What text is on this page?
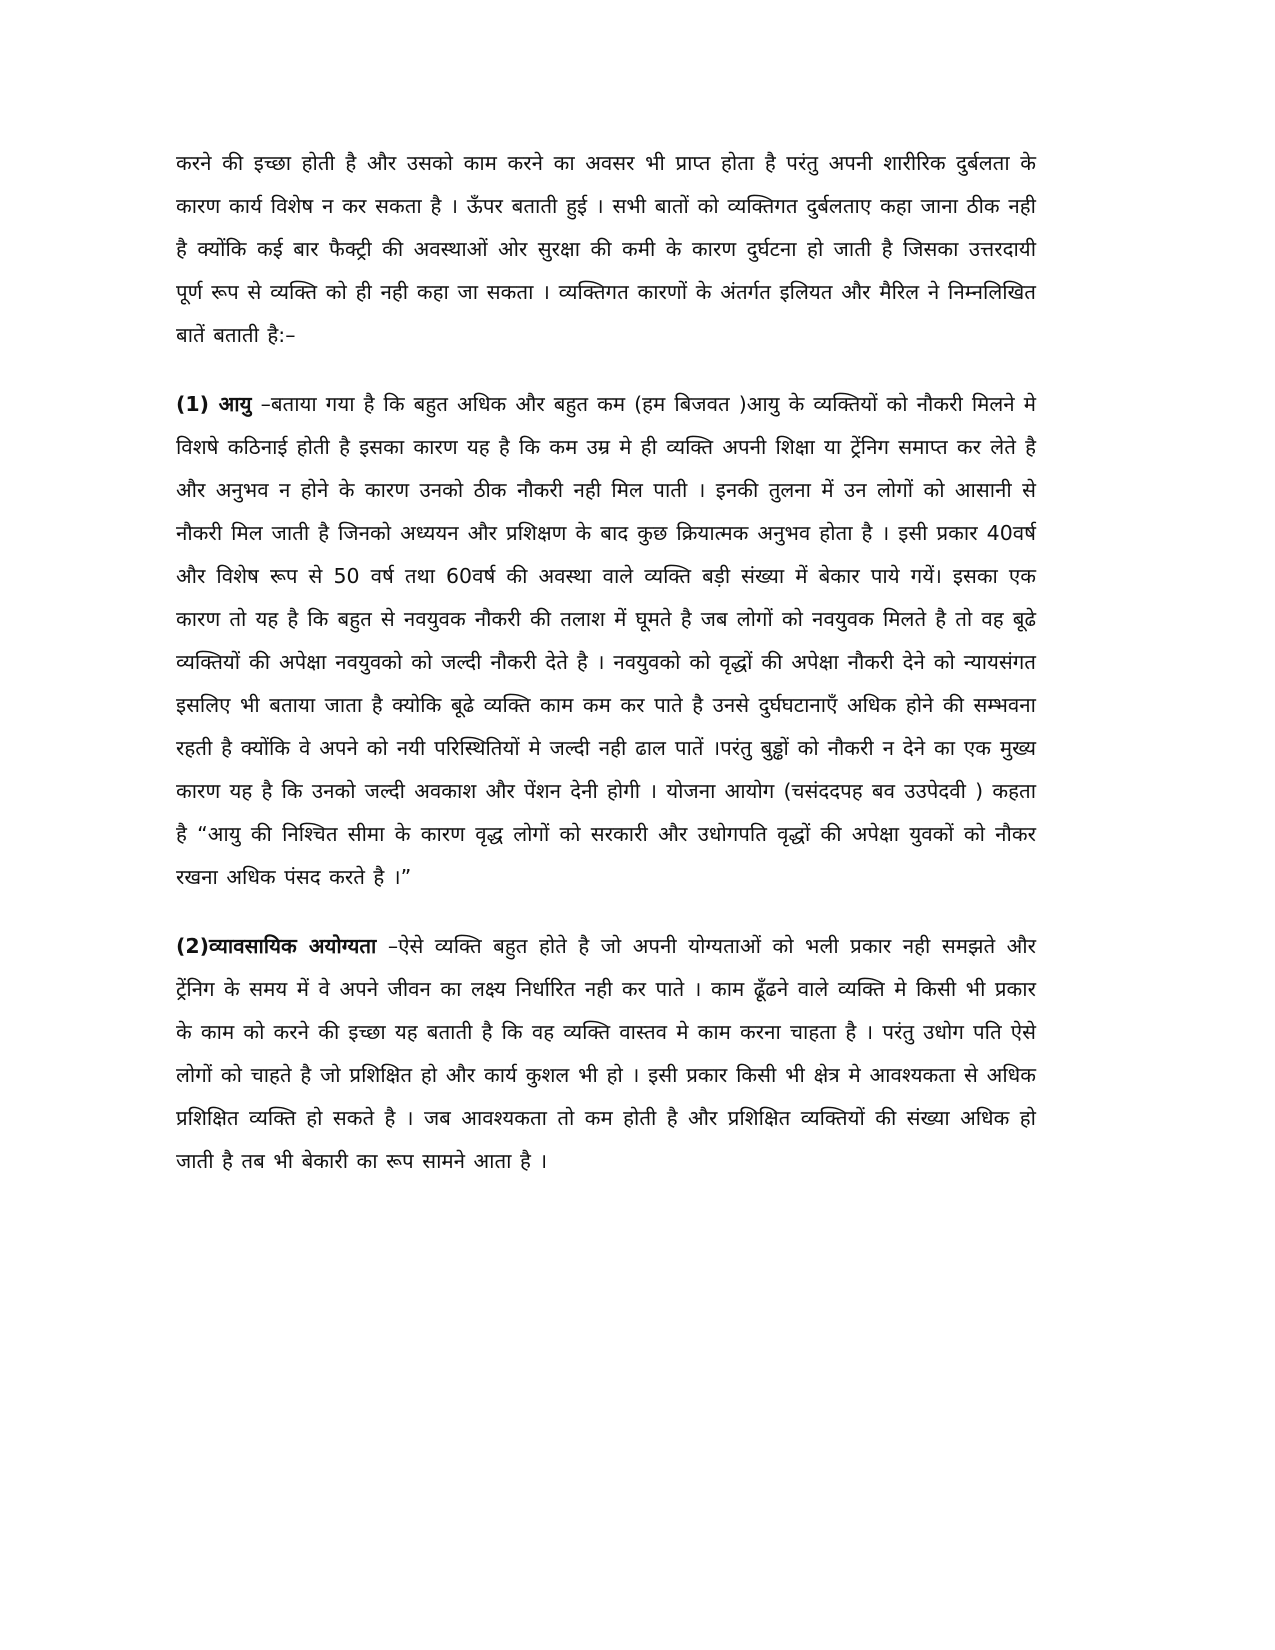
करने की इच्छा होती है और उसको काम करने का अवसर भी प्राप्त होता है परंतु अपनी शारीरिक दुर्बलता के कारण कार्य विशेष न कर सकता है । ऊँपर बताती हुई । सभी बातों को व्यक्तिगत दुर्बलताए कहा जाना ठीक नही है क्योंकि कई बार फैक्ट्री की अवस्थाओं ओर सुरक्षा की कमी के कारण दुर्घटना हो जाती है जिसका उत्तरदायी पूर्ण रूप से व्यक्ति को ही नही कहा जा सकता । व्यक्तिगत कारणों के अंतर्गत इलियत और मैरिल ने निम्नलिखित बातें बताती है:–

(1) आयु –बताया गया है कि बहुत अधिक और बहुत कम (हम बिजवत )आयु के व्यक्तियों को नौकरी मिलने मे विशषे कठिनाई होती है इसका कारण यह है कि कम उम्र मे ही व्यक्ति अपनी शिक्षा या ट्रेंनिग समाप्त कर लेते है और अनुभव न होने के कारण उनको ठीक नौकरी नही मिल पाती । इनकी तुलना में उन लोगों को आसानी से नौकरी मिल जाती है जिनको अध्ययन और प्रशिक्षण के बाद कुछ क्रियात्मक अनुभव होता है । इसी प्रकार 40वर्ष और विशेष रूप से 50 वर्ष तथा 60वर्ष की अवस्था वाले व्यक्ति बड़ी संख्या में बेकार पाये गयें। इसका एक कारण तो यह है कि बहुत से नवयुवक नौकरी की तलाश में घूमते है जब लोगों को नवयुवक मिलते है तो वह बूढे व्यक्तियों की अपेक्षा नवयुवको को जल्दी नौकरी देते है । नवयुवको को वृद्धों की अपेक्षा नौकरी देने को न्यायसंगत इसलिए भी बताया जाता है क्योकि बूढे व्यक्ति काम कम कर पाते है उनसे दुर्घघटानाएँ अधिक होने की सम्भवना रहती है क्योंकि वे अपने को नयी परिस्थितियों मे जल्दी नही ढाल पातें ।परंतु बुड्ढों को नौकरी न देने का एक मुख्य कारण यह है कि उनको जल्दी अवकाश और पेंशन देनी होगी । योजना आयोग (चसंददपह बव उउपेदवी ) कहता है “आयु की निश्चित सीमा के कारण वृद्ध लोगों को सरकारी और उधोगपति वृद्धों की अपेक्षा युवकों को नौकर रखना अधिक पंसद करते है ।”

(2)व्यावसायिक अयोग्यता –ऐसे व्यक्ति बहुत होते है जो अपनी योग्यताओं को भली प्रकार नही समझते और ट्रेंनिग के समय में वे अपने जीवन का लक्ष्य निर्धारित नही कर पाते । काम ढूँढने वाले व्यक्ति मे किसी भी प्रकार के काम को करने की इच्छा यह बताती है कि वह व्यक्ति वास्तव मे काम करना चाहता है । परंतु उधोग पति ऐसे लोगों को चाहते है जो प्रशिक्षित हो और कार्य कुशल भी हो । इसी प्रकार किसी भी क्षेत्र मे आवश्यकता से अधिक प्रशिक्षित व्यक्ति हो सकते है । जब आवश्यकता तो कम होती है और प्रशिक्षित व्यक्तियों की संख्या अधिक हो जाती है तब भी बेकारी का रूप सामने आता है ।
